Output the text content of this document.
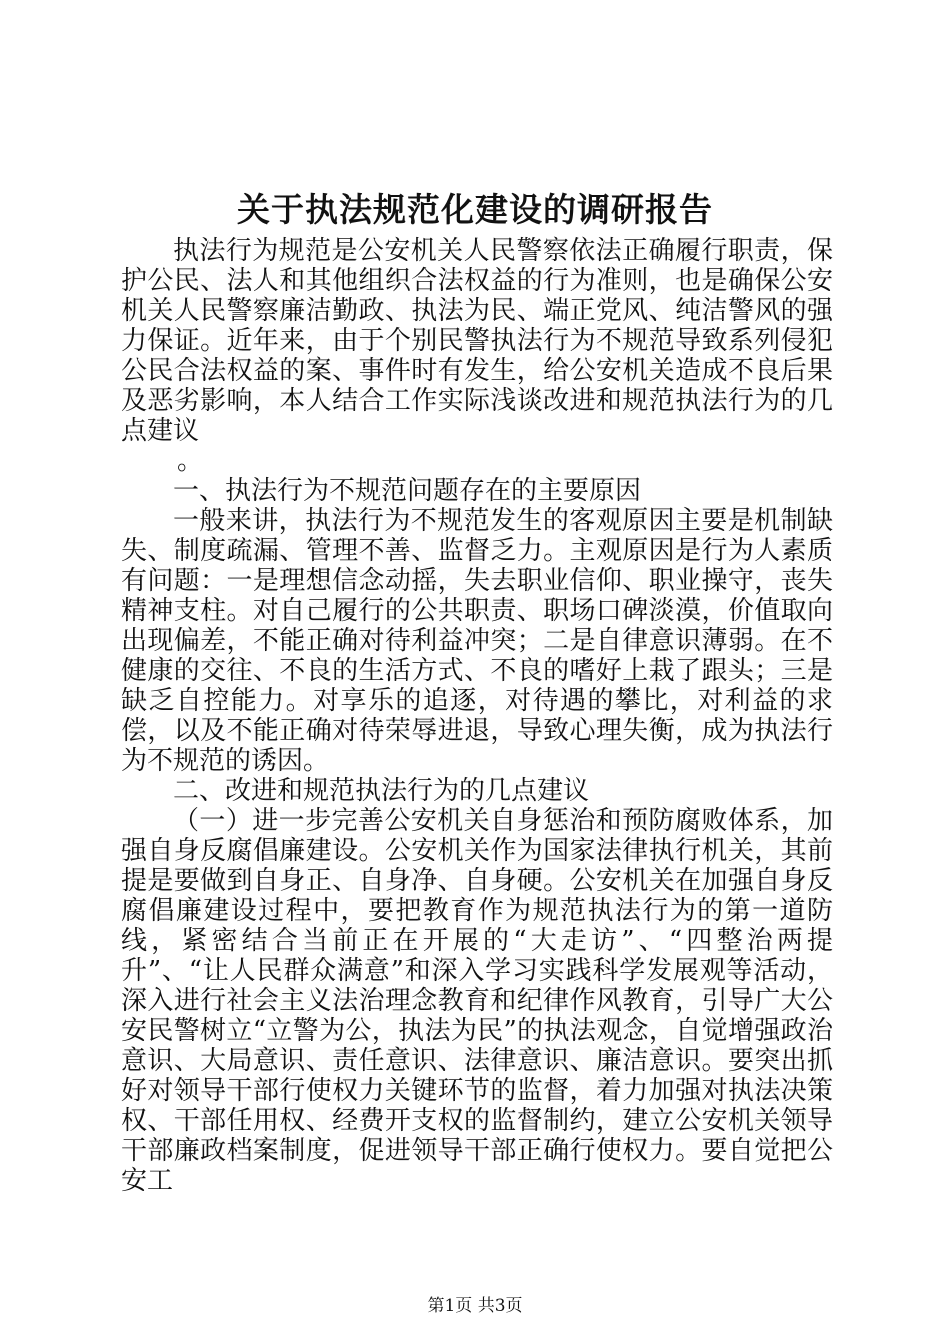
关于执法规范化建设的调研报告

执法行为规范是公安机关人民警察依法正确履行职责，保护公民、法人和其他组织合法权益的行为准则，也是确保公安机关人民警察廉洁勤政、执法为民、端正党风、纯洁警风的强力保证。近年来，由于个别民警执法行为不规范导致系列侵犯公民合法权益的案、事件时有发生，给公安机关造成不良后果及恶劣影响，本人结合工作实际浅谈改进和规范执法行为的几点建议

。

一、执法行为不规范问题存在的主要原因

一般来讲，执法行为不规范发生的客观原因主要是机制缺失、制度疏漏、管理不善、监督乏力。主观原因是行为人素质有问题：一是理想信念动摇，失去职业信仰、职业操守，丧失精神支柱。对自己履行的公共职责、职场口碑淡漠，价值取向出现偏差，不能正确对待利益冲突；二是自律意识薄弱。在不健康的交往、不良的生活方式、不良的嗜好上栽了跟头；三是缺乏自控能力。对享乐的追逐，对待遇的攀比，对利益的求偿，以及不能正确对待荣辱进退，导致心理失衡，成为执法行为不规范的诱因。

二、改进和规范执法行为的几点建议

（一）进一步完善公安机关自身惩治和预防腐败体系，加强自身反腐倡廉建设。公安机关作为国家法律执行机关，其前提是要做到自身正、自身净、自身硬。公安机关在加强自身反腐倡廉建设过程中，要把教育作为规范执法行为的第一道防线，紧密结合当前正在开展的“大走访”、“四整治两提升”、“让人民群众满意”和深入学习实践科学发展观等活动，深入进行社会主义法治理念教育和纪律作风教育，引导广大公安民警树立“立警为公，执法为民”的执法观念，自觉增强政治意识、大局意识、责任意识、法律意识、廉洁意识。要突出抓好对领导干部行使权力关键环节的监督，着力加强对执法决策权、干部任用权、经费开支权的监督制约，建立公安机关领导干部廉政档案制度，促进领导干部正确行使权力。要自觉把公安工

第1页 共3页
